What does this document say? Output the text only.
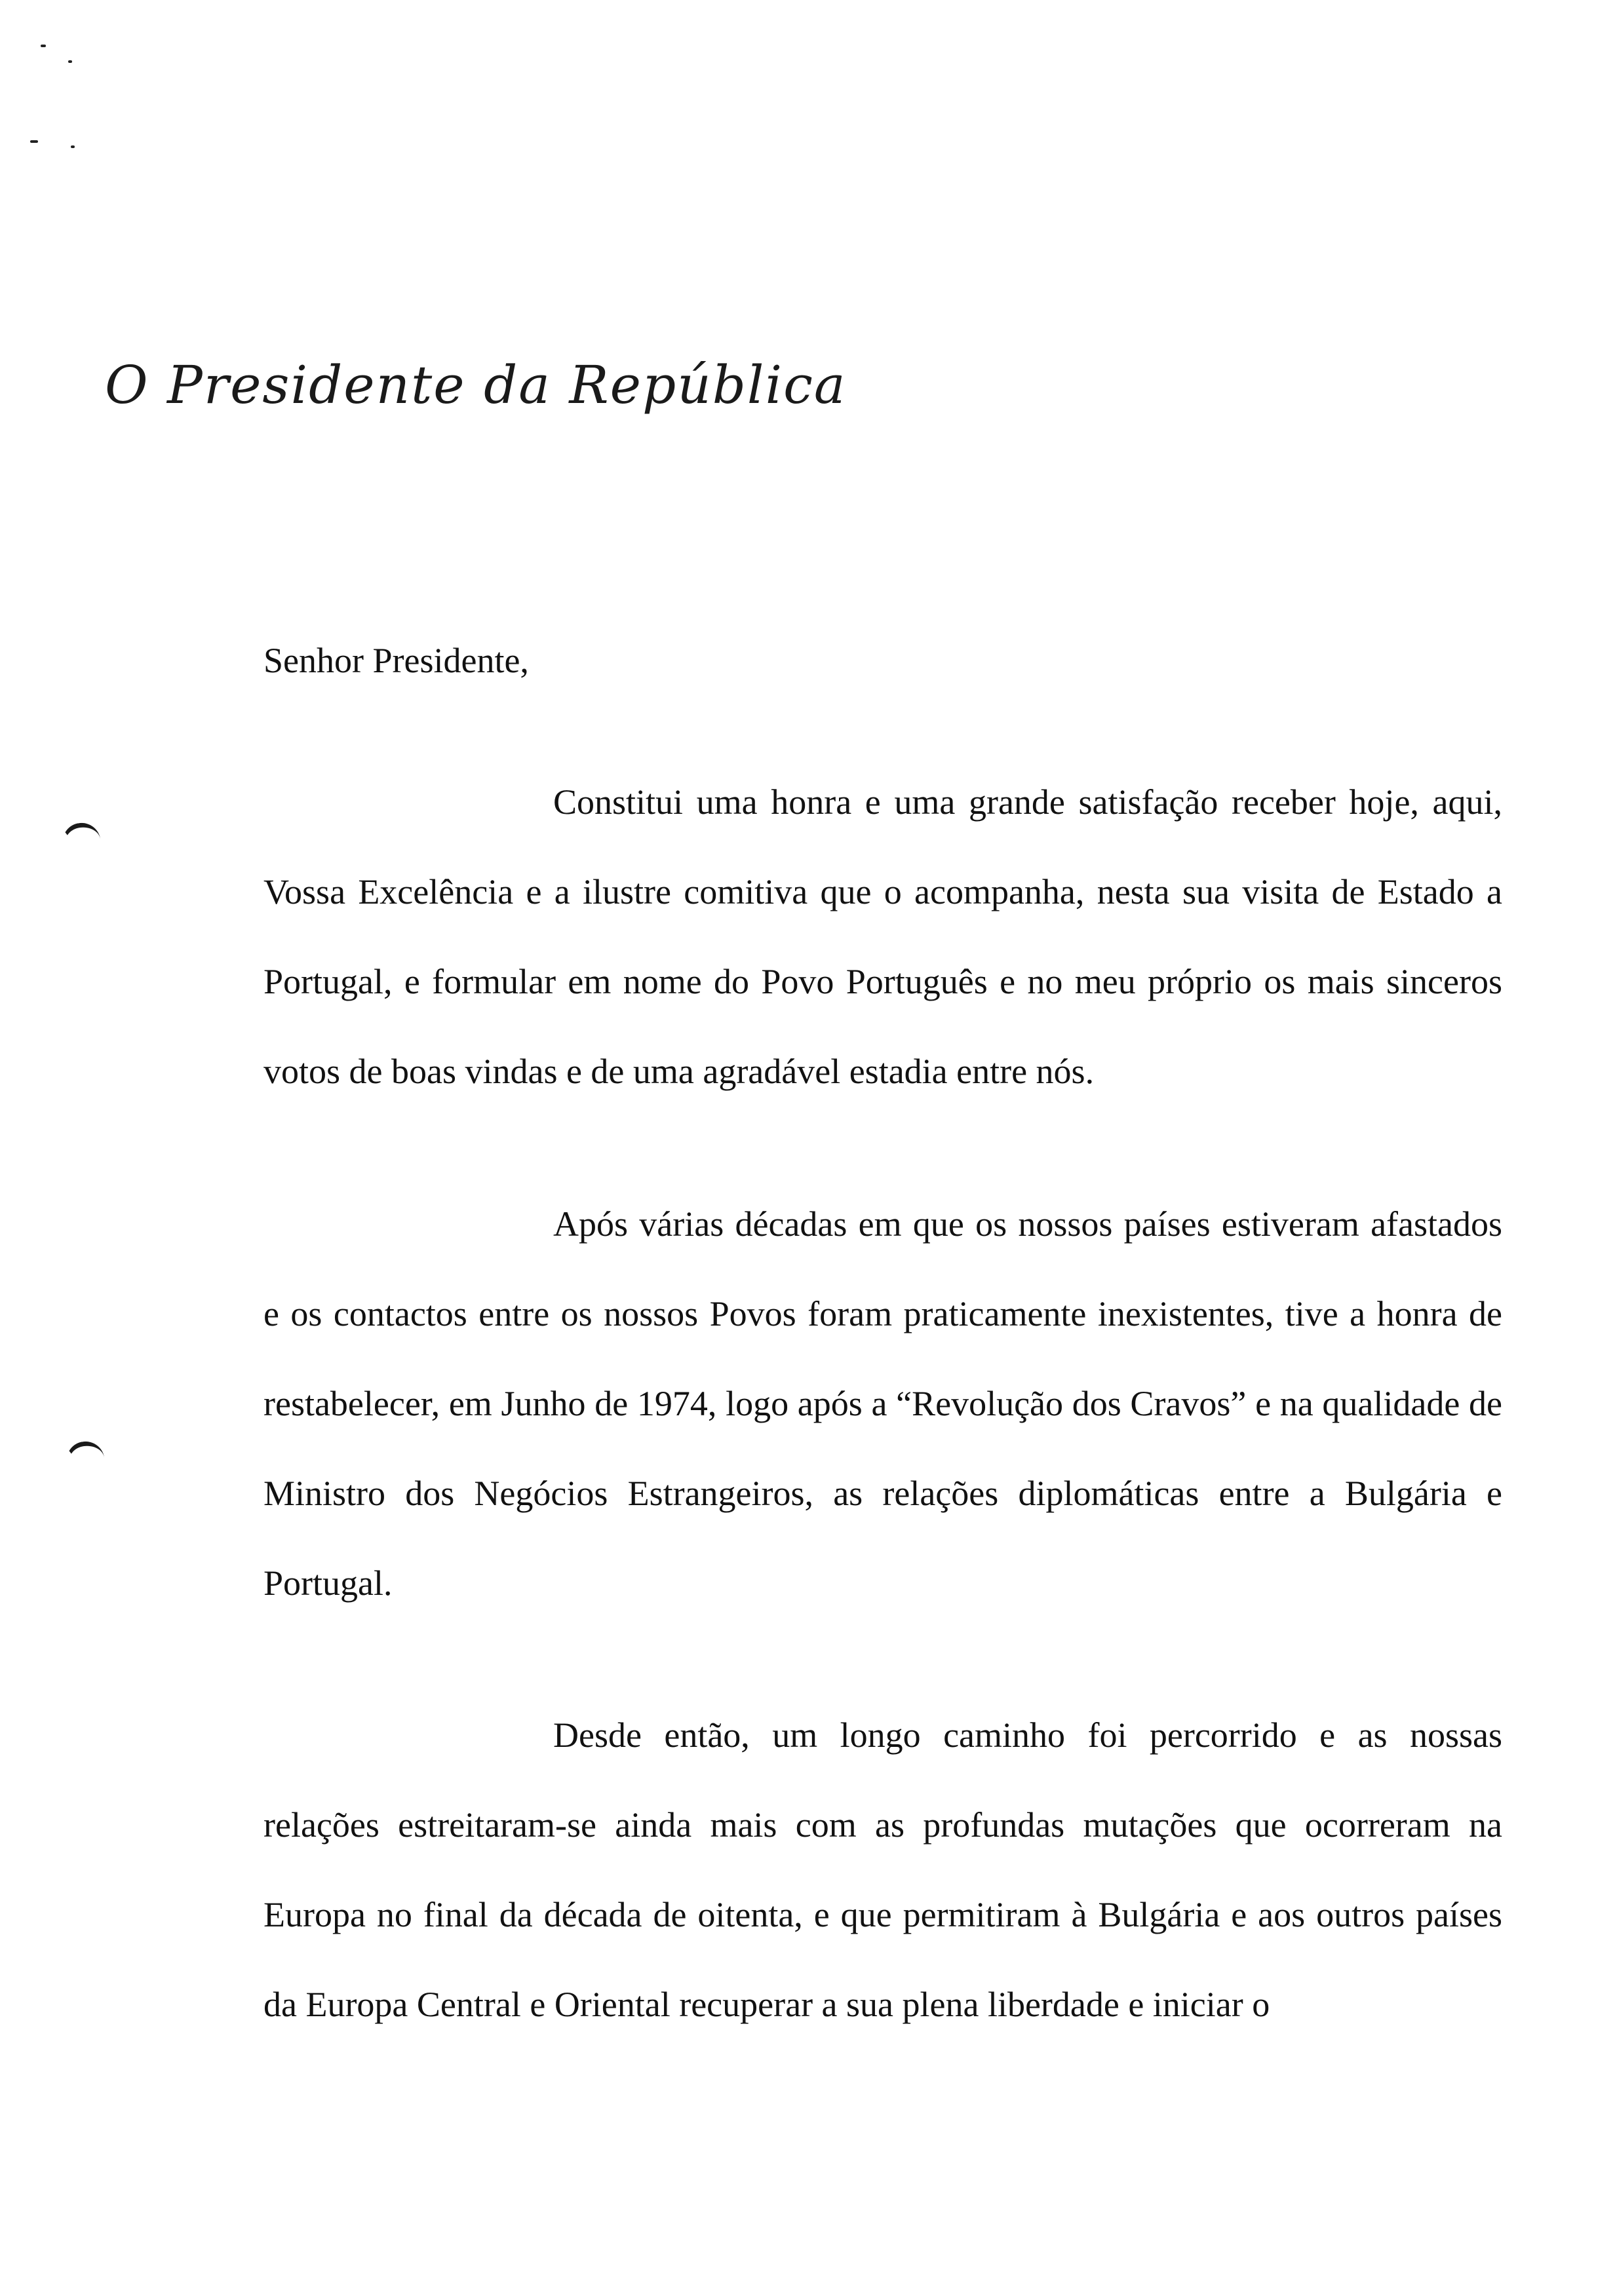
O Presidente da República
Senhor Presidente,

Constitui uma honra e uma grande satisfação receber hoje, aqui, Vossa Excelência e a ilustre comitiva que o acompanha, nesta sua visita de Estado a Portugal, e formular em nome do Povo Português e no meu próprio os mais sinceros votos de boas vindas e de uma agradável estadia entre nós.

Após várias décadas em que os nossos países estiveram afastados e os contactos entre os nossos Povos foram praticamente inexistentes, tive a honra de restabelecer, em Junho de 1974, logo após a “Revolução dos Cravos” e na qualidade de Ministro dos Negócios Estrangeiros, as relações diplomáticas entre a Bulgária e Portugal.

Desde então, um longo caminho foi percorrido e as nossas relações estreitaram-se ainda mais com as profundas mutações que ocorreram na Europa no final da década de oitenta, e que permitiram à Bulgária e aos outros países da Europa Central e Oriental recuperar a sua plena liberdade e iniciar o
